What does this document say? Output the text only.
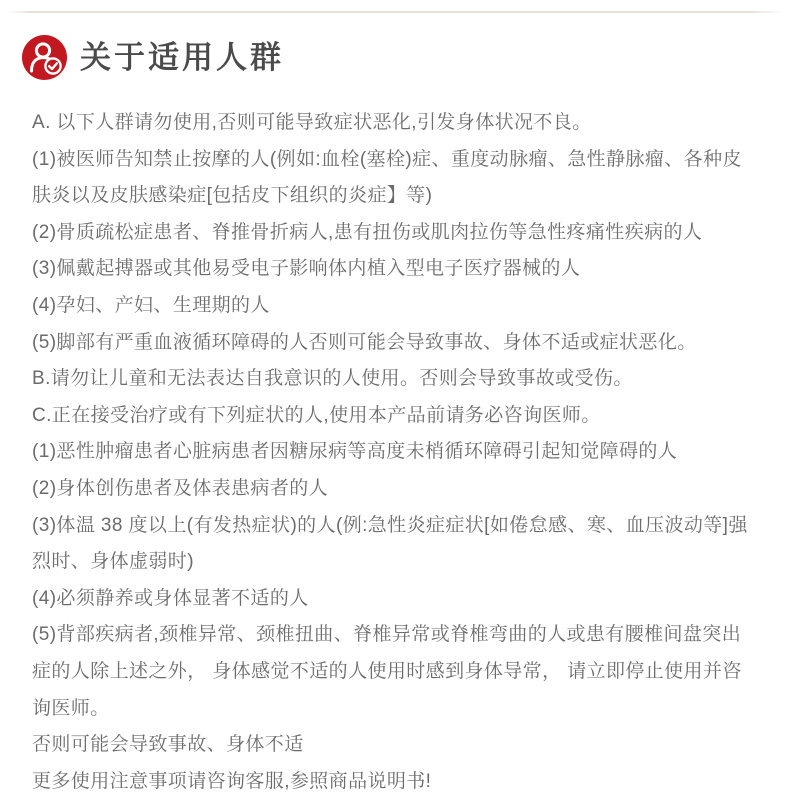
关于适用人群

A. 以下人群请勿使用,否则可能导致症状恶化,引发身体状况不良。

(1)被医师告知禁止按摩的人(例如:血栓(塞栓)症、重度动脉瘤、急性静脉瘤、各种皮肤炎以及皮肤感染症[包括皮下组织的炎症】等)

(2)骨质疏松症患者、脊推骨折病人,患有扭伤或肌肉拉伤等急性疼痛性疾病的人

(3)佩戴起搏器或其他易受电子影响体内植入型电子医疗器械的人

(4)孕妇、产妇、生理期的人

(5)脚部有严重血液循环障碍的人否则可能会导致事故、身体不适或症状恶化。

B.请勿让儿童和无法表达自我意识的人使用。否则会导致事故或受伤。

C.正在接受治疗或有下列症状的人,使用本产品前请务必咨询医师。

(1)恶性肿瘤患者心脏病患者因糖尿病等高度未梢循环障碍引起知觉障碍的人

(2)身体创伤患者及体表患病者的人

(3)体温 38 度以上(有发热症状)的人(例:急性炎症症状[如倦怠感、寒、血压波动等]强烈时、身体虚弱时)

(4)必须静养或身体显著不适的人

(5)背部疾病者,颈椎异常、颈椎扭曲、脊椎异常或脊椎弯曲的人或患有腰椎间盘突出症的人除上述之外， 身体感觉不适的人使用时感到身体导常， 请立即停止使用并咨询医师。

否则可能会导致事故、身体不适

更多使用注意事项请咨询客服,参照商品说明书!
